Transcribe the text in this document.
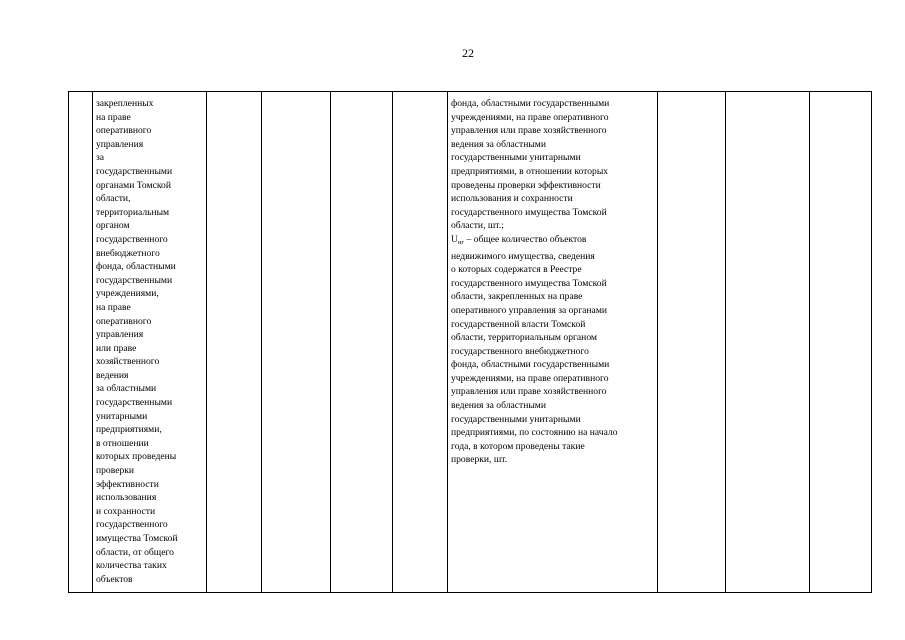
22
	закрепленных
на праве
оперативного
управления
за
государственными
органами Томской
области,
территориальным
органом
государственного
внебюджетного
фонда, областными
государственными
учреждениями,
на праве
оперативного
управления
или праве
хозяйственного
ведения
за областными
государственными
унитарными
предприятиями,
в отношении
которых проведены
проверки
эффективности
использования
и сохранности
государственного
имущества Томской
области, от общего
количества таких
объектов					фонда, областными государственными
учреждениями, на праве оперативного
управления или праве хозяйственного
ведения за областными
государственными унитарными
предприятиями, в отношении которых
проведены проверки эффективности
использования и сохранности
государственного имущества Томской
области, шт.;
$U_{нг}$ – общее количество объектов
недвижимого имущества, сведения
о которых содержатся в Реестре
государственного имущества Томской
области, закрепленных на праве
оперативного управления за органами
государственной власти Томской
области, территориальным органом
государственного внебюджетного
фонда, областными государственными
учреждениями, на праве оперативного
управления или праве хозяйственного
ведения за областными
государственными унитарными
предприятиями, по состоянию на начало
года, в котором проведены такие
проверки, шт.			
